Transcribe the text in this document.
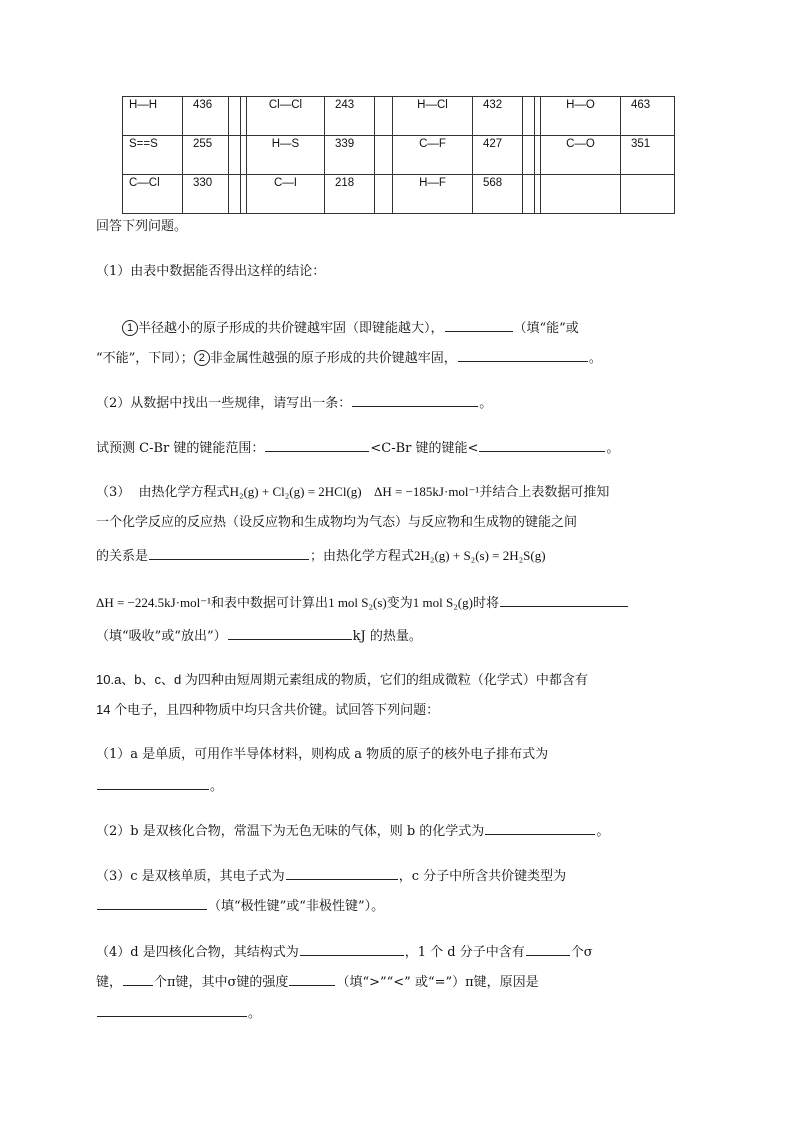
H—H	436			Cl—Cl	243		H—Cl	432			H—O	463
S==S	255			H—S	339		C—F	427			C—O	351
C—Cl	330			C—I	218		H—F	568				
回答下列问题。
（1）由表中数据能否得出这样的结论：
1 半径越小的原子形成的共价键越牢固（即键能越大），	（填“能”或
“不能”，下同）； 2 非金属性越强的原子形成的共价键越牢固，	。
（2）从数据中找出一些规律，请写出一条：	。
试预测 C-Br 键的键能范围：	<C-Br 键的键能<	。
（3） 由热化学方程式H₂(g) + Cl₂(g) = 2HCl(g) ΔH = −185kJ·mol⁻¹并结合上表数据可推知
一个化学反应的反应热（设反应物和生成物均为气态）与反应物和生成物的键能之间
的关系是	；由热化学方程式2H₂(g) + S₂(s) = 2H₂S(g)
ΔH = −224.5kJ·mol⁻¹和表中数据可计算出1 mol S₂(s)变为1 mol S₂(g)时将
（填“吸收”或“放出”）	kJ 的热量。
10.a、b、c、d 为四种由短周期元素组成的物质，它们的组成微粒（化学式）中都含有
14 个电子，且四种物质中均只含共价键。试回答下列问题：
（1）a 是单质，可用作半导体材料，则构成 a 物质的原子的核外电子排布式为
。
（2）b 是双核化合物，常温下为无色无味的气体，则 b 的化学式为	。
（3）c 是双核单质，其电子式为	，c 分子中所含共价键类型为
（填“极性键”或“非极性键”）。
（4）d 是四核化合物，其结构式为	，1 个 d 分子中含有	个σ
键， 个π键，其中σ键的强度	（填“>”“<” 或“=”）π键，原因是
。
